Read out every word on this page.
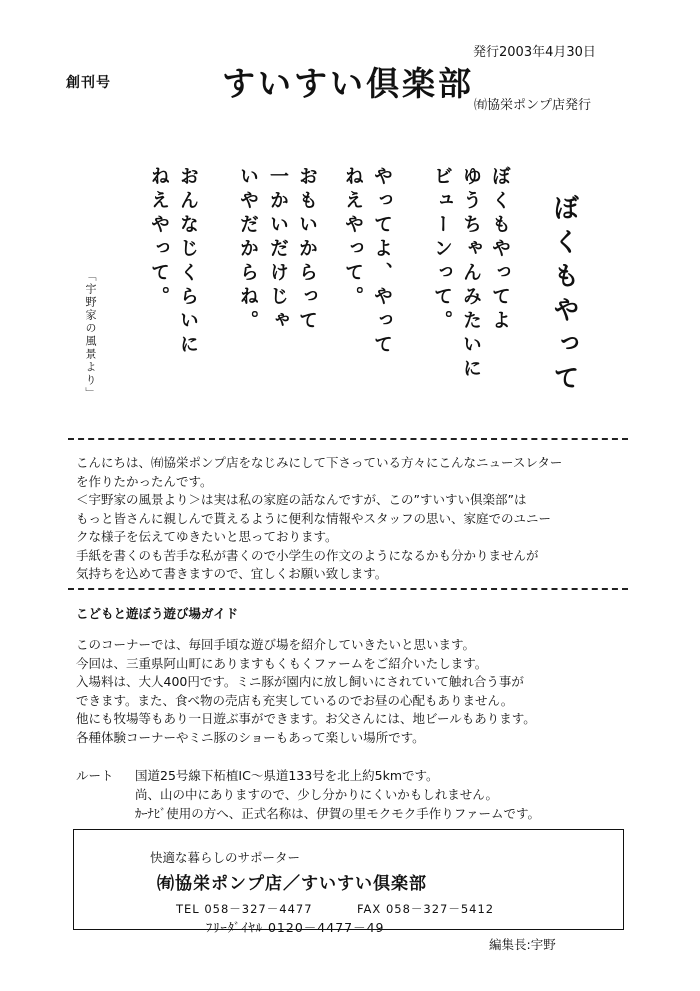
発行2003年4月30日
創刊号	すいすい倶楽部
㈲協栄ポンプ店発行
ぼくもやって
ぼくもやってよ
ゆうちゃんみたいに
ビューンって。
やってよ、やって
ねえやって。
おもいからって
一かいだけじゃ
いやだからね。
おんなじくらいに
ねえやって。
「宇野家の風景より」

こんにちは、㈲協栄ポンプ店をなじみにして下さっている方々にこんなニュースレター

を作りたかったんです。

＜宇野家の風景より＞は実は私の家庭の話なんですが、この”すいすい倶楽部”は

もっと皆さんに親しんで貰えるように便利な情報やスタッフの思い、家庭でのユニー

クな様子を伝えてゆきたいと思っております。

手紙を書くのも苦手な私が書くので小学生の作文のようになるかも分かりませんが

気持ちを込めて書きますので、宜しくお願い致します。

こどもと遊ぼう遊び場ガイド

このコーナーでは、毎回手頃な遊び場を紹介していきたいと思います。

今回は、三重県阿山町にありますもくもくファームをご紹介いたします。

入場料は、大人400円です。ミニ豚が園内に放し飼いにされていて触れ合う事が

できます。また、食べ物の売店も充実しているのでお昼の心配もありません。

他にも牧場等もあり一日遊ぶ事ができます。お父さんには、地ビールもあります。

各種体験コーナーやミニ豚のショーもあって楽しい場所です。

ルート 国道25号線下柘植IC～県道133号を北上約5kmです。

尚、山の中にありますので、少し分かりにくいかもしれません。

ｶｰﾅﾋﾞ使用の方へ、正式名称は、伊賀の里モクモク手作りファームです。

快適な暮らしのサポーター
㈲協栄ポンプ店／すいすい倶楽部
TEL 058－327－4477	FAX 058－327－5412
ﾌﾘｰﾀﾞｲﾔﾙ 0120－4477－49
編集長:宇野
